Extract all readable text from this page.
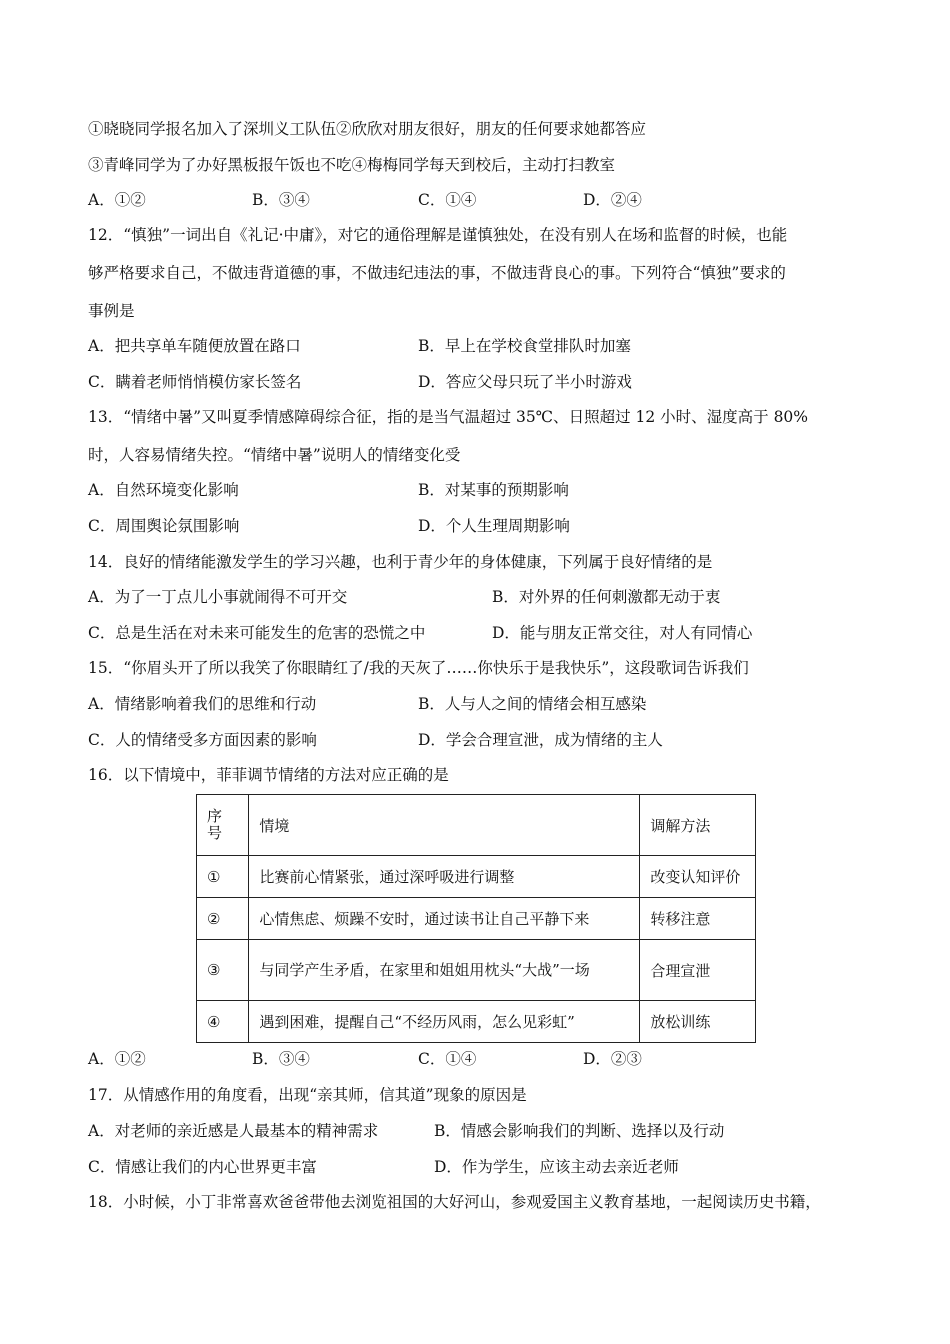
①晓晓同学报名加入了深圳义工队伍②欣欣对朋友很好，朋友的任何要求她都答应
③青峰同学为了办好黑板报午饭也不吃④梅梅同学每天到校后，主动打扫教室
A．①②	B．③④	C．①④	D．②④
12．“慎独”一词出自《礼记·中庸》，对它的通俗理解是谨慎独处，在没有别人在场和监督的时候，也能
够严格要求自己，不做违背道德的事，不做违纪违法的事，不做违背良心的事。下列符合“慎独”要求的
事例是
A．把共享单车随便放置在路口	B．早上在学校食堂排队时加塞
C．瞒着老师悄悄模仿家长签名	D．答应父母只玩了半小时游戏
13．“情绪中暑”又叫夏季情感障碍综合征，指的是当气温超过 35℃、日照超过 12 小时、湿度高于 80%
时，人容易情绪失控。“情绪中暑”说明人的情绪变化受
A．自然环境变化影响	B．对某事的预期影响
C．周围舆论氛围影响	D．个人生理周期影响
14．良好的情绪能激发学生的学习兴趣，也利于青少年的身体健康，下列属于良好情绪的是
A．为了一丁点儿小事就闹得不可开交	B．对外界的任何刺激都无动于衷
C．总是生活在对未来可能发生的危害的恐慌之中	D．能与朋友正常交往，对人有同情心
15．“你眉头开了所以我笑了你眼睛红了/我的天灰了……你快乐于是我快乐”，这段歌词告诉我们
A．情绪影响着我们的思维和行动	B．人与人之间的情绪会相互感染
C．人的情绪受多方面因素的影响	D．学会合理宣泄，成为情绪的主人
16．以下情境中，菲菲调节情绪的方法对应正确的是
序号	情境	调解方法
①	比赛前心情紧张，通过深呼吸进行调整	改变认知评价
②	心情焦虑、烦躁不安时，通过读书让自己平静下来	转移注意
③	与同学产生矛盾，在家里和姐姐用枕头“大战”一场	合理宣泄
④	遇到困难，提醒自己“不经历风雨，怎么见彩虹”	放松训练
A．①②	B．③④	C．①④	D．②③
17．从情感作用的角度看，出现“亲其师，信其道”现象的原因是
A．对老师的亲近感是人最基本的精神需求	B．情感会影响我们的判断、选择以及行动
C．情感让我们的内心世界更丰富	D．作为学生，应该主动去亲近老师
18．小时候，小丁非常喜欢爸爸带他去浏览祖国的大好河山，参观爱国主义教育基地，一起阅读历史书籍，
